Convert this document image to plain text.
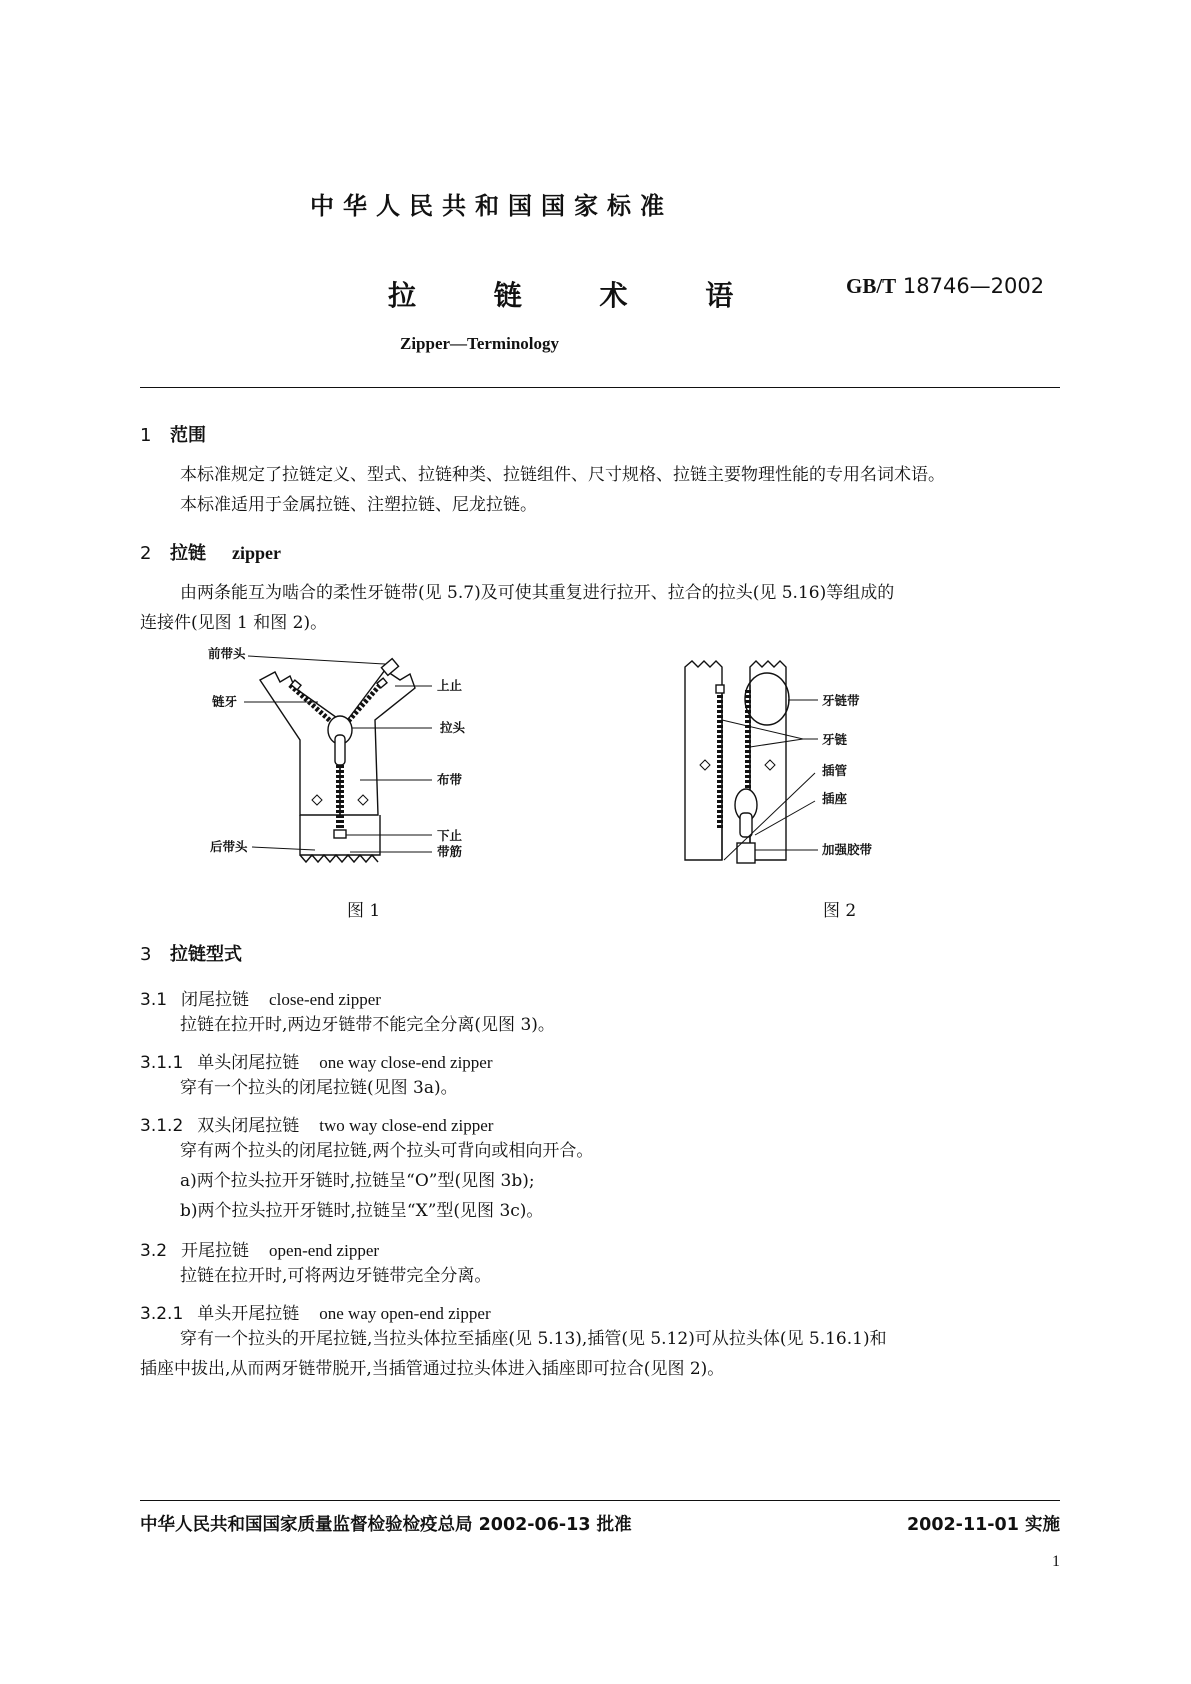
中华人民共和国国家标准
拉 链 术 语	GB/T 18746—2002
Zipper—Terminology
1 范围
本标准规定了拉链定义、型式、拉链种类、拉链组件、尺寸规格、拉链主要物理性能的专用名词术语。
本标准适用于金属拉链、注塑拉链、尼龙拉链。
2 拉链 zipper
由两条能互为啮合的柔性牙链带(见 5.7)及可使其重复进行拉开、拉合的拉头(见 5.16)等组成的
连接件(见图 1 和图 2)。
前带头
链牙
上止
拉头
布带
下止
后带头	带筋
图 1
牙链带
牙链
插管
插座
加强胶带
图 2
3 拉链型式
3.1 闭尾拉链 close-end zipper
拉链在拉开时,两边牙链带不能完全分离(见图 3)。
3.1.1 单头闭尾拉链 one way close-end zipper
穿有一个拉头的闭尾拉链(见图 3a)。
3.1.2 双头闭尾拉链 two way close-end zipper
穿有两个拉头的闭尾拉链,两个拉头可背向或相向开合。
a)两个拉头拉开牙链时,拉链呈“O”型(见图 3b);
b)两个拉头拉开牙链时,拉链呈“X”型(见图 3c)。
3.2 开尾拉链 open-end zipper
拉链在拉开时,可将两边牙链带完全分离。
3.2.1 单头开尾拉链 one way open-end zipper
穿有一个拉头的开尾拉链,当拉头体拉至插座(见 5.13),插管(见 5.12)可从拉头体(见 5.16.1)和
插座中拔出,从而两牙链带脱开,当插管通过拉头体进入插座即可拉合(见图 2)。
中华人民共和国国家质量监督检验检疫总局 2002-06-13 批准	2002-11-01 实施
1
